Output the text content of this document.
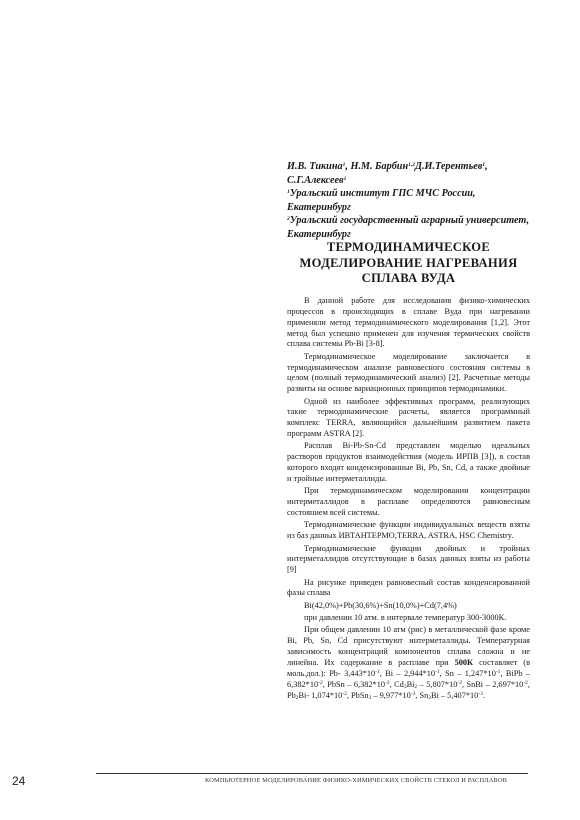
И.В. Тикина$^1$, Н.М. Барбин$^{1,2}$Д.И.Терентьев$^1$,
С.Г.Алексеев$^1$
$^1$Уральский институт ГПС МЧС России,
Екатеринбург
$^2$Уральский государственный аграрный университет,
Екатеринбург
ТЕРМОДИНАМИЧЕСКОЕ
МОДЕЛИРОВАНИЕ НАГРЕВАНИЯ
СПЛАВА ВУДА

В данной работе для исследования физико-химических процессов в происходящих в сплаве Вуда при нагревании применяли метод термодинамического моделирования [1,2]. Этот метод был успешно применен для изучения термических свойств сплава системы Pb-Bi [3-8].

Термодинамическое моделирование заключается в термодинамическом анализе равновесного состояния системы в целом (полный термодинамический анализ) [2]. Расчетные методы развиты на основе вариационных принципов термодинамики.

Одной из наиболее эффективных программ, реализующих такие термодинамические расчеты, является программный комплекс TERRA, являющийся дальнейшим развитием пакета программ ASTRA [2].

Расплав Bi-Pb-Sn-Cd представлен моделью идеальных растворов продуктов взаимодействия (модель ИРПВ [3]), в состав которого входят конденсированные Bi, Pb, Sn, Cd, а также двойные и тройные интерметаллиды.

При термодинамическом моделировании концентрации интерметаллидов в расплаве определяются равновесным состоянием всей системы.

Термодинамические функции индивидуальных веществ взяты из баз данных ИВТАНТЕРМО,TERRA, ASTRA, HSC Chemistry.

Термодинамические функции двойных и тройных интерметаллидов отсутствующие в базах данных взяты из работы [9]

На рисунке приведен равновесный состав конденсированной фазы сплава

Bi(42,0%)+Pb(30,6%)+Sn(10,0%)+Cd(7,4%)

при давлении 10 атм. в интервале температур 300-3000К.

При общем давлении 10 атм (рис) в металлической фазе кроме Bi, Pb, Sn, Cd присутствуют интерметаллиды. Температурная зависимость концентраций компонентов сплава сложна и не линейна. Их содержание в расплаве при 500К составляет (в моль.дол.): Pb- $3,443*10^{-1}$, Bi – $2,944*10^{-1}$, Sn – $1,247*10^{-1}$, BiPb – $6,382*10^{-2}$, PbSn – $6,382*10^{-2}$, $Cd_3Bi_2 - 5,807*10^{-2}$, SnBi – $2,697*10^{-2}$, $Pb_2Bi-$ $1,074*10^{-2}$, PbSn$_3$ – $9,977*10^{-3}$, $Sn_2Bi - 5,407*10^{-3}$.

24	КОМПЬЮТЕРНОЕ МОДЕЛИРОВАНИЕ ФИЗИКО-ХИМИЧЕСКИХ СВОЙСТВ СТЕКОЛ И РАСПЛАВОВ
